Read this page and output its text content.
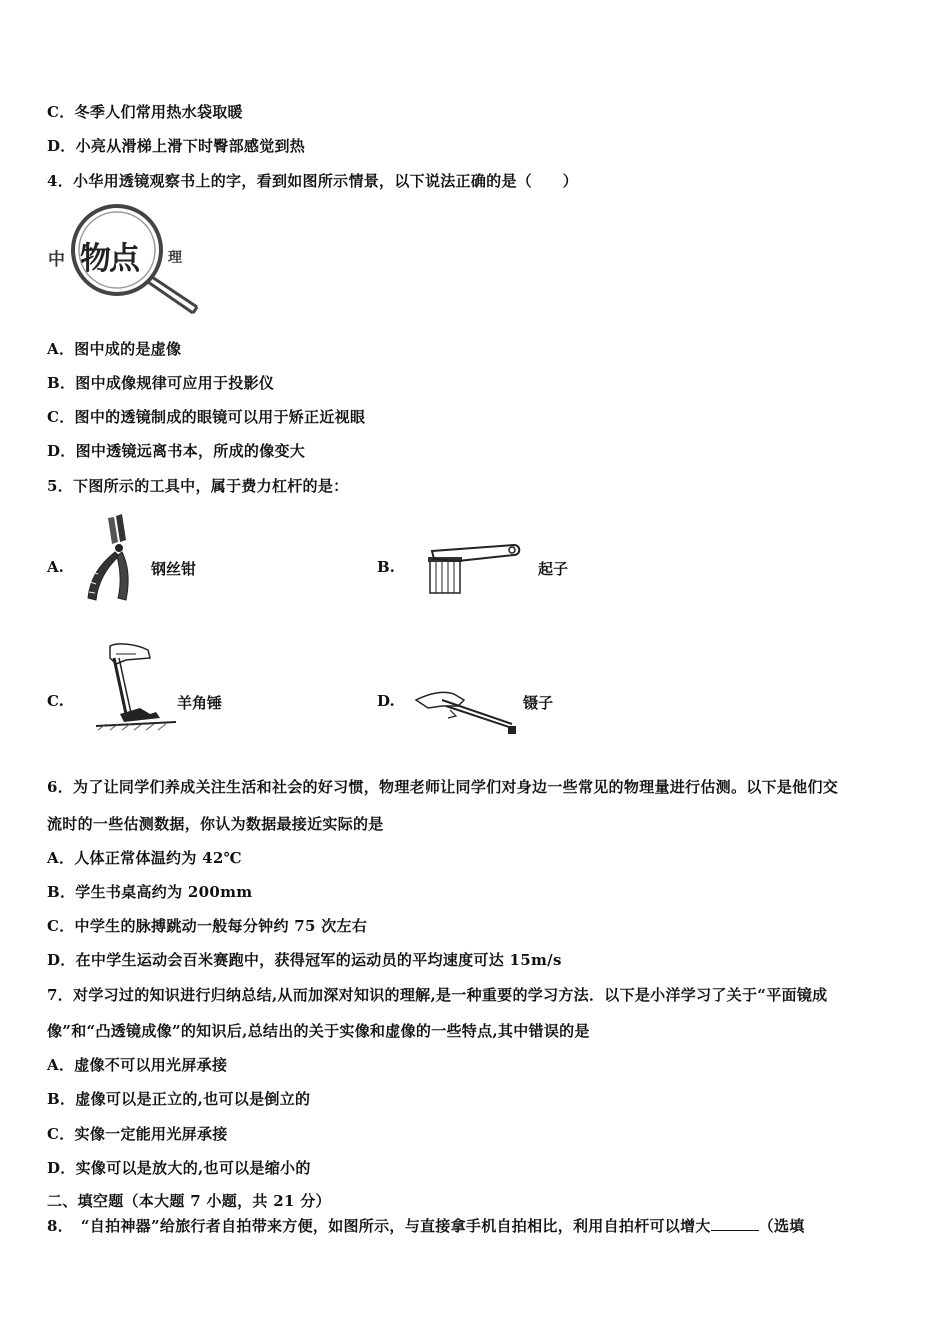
C．冬季人们常用热水袋取暖
D．小亮从滑梯上滑下时臀部感觉到热
4．小华用透镜观察书上的字，看到如图所示情景，以下说法正确的是（　　）
中 物点 理
A．图中成的是虚像
B．图中成像规律可应用于投影仪
C．图中的透镜制成的眼镜可以用于矫正近视眼
D．图中透镜远离书本，所成的像变大
5．下图所示的工具中，属于费力杠杆的是：
A.	钢丝钳	B.	起子
C.	羊角锤	D.	镊子
6．为了让同学们养成关注生活和社会的好习惯，物理老师让同学们对身边一些常见的物理量进行估测。以下是他们交
流时的一些估测数据，你认为数据最接近实际的是
A．人体正常体温约为 42℃
B．学生书桌高约为 200mm
C．中学生的脉搏跳动一般每分钟约 75 次左右
D．在中学生运动会百米赛跑中，获得冠军的运动员的平均速度可达 15m/s
7．对学习过的知识进行归纳总结,从而加深对知识的理解,是一种重要的学习方法．以下是小洋学习了关于“平面镜成
像”和“凸透镜成像”的知识后,总结出的关于实像和虚像的一些特点,其中错误的是
A．虚像不可以用光屏承接
B．虚像可以是正立的,也可以是倒立的
C．实像一定能用光屏承接
D．实像可以是放大的,也可以是缩小的
二、填空题（本大题 7 小题，共 21 分）
8．　“自拍神器”给旅行者自拍带来方便，如图所示，与直接拿手机自拍相比，利用自拍杆可以增大	（选填
